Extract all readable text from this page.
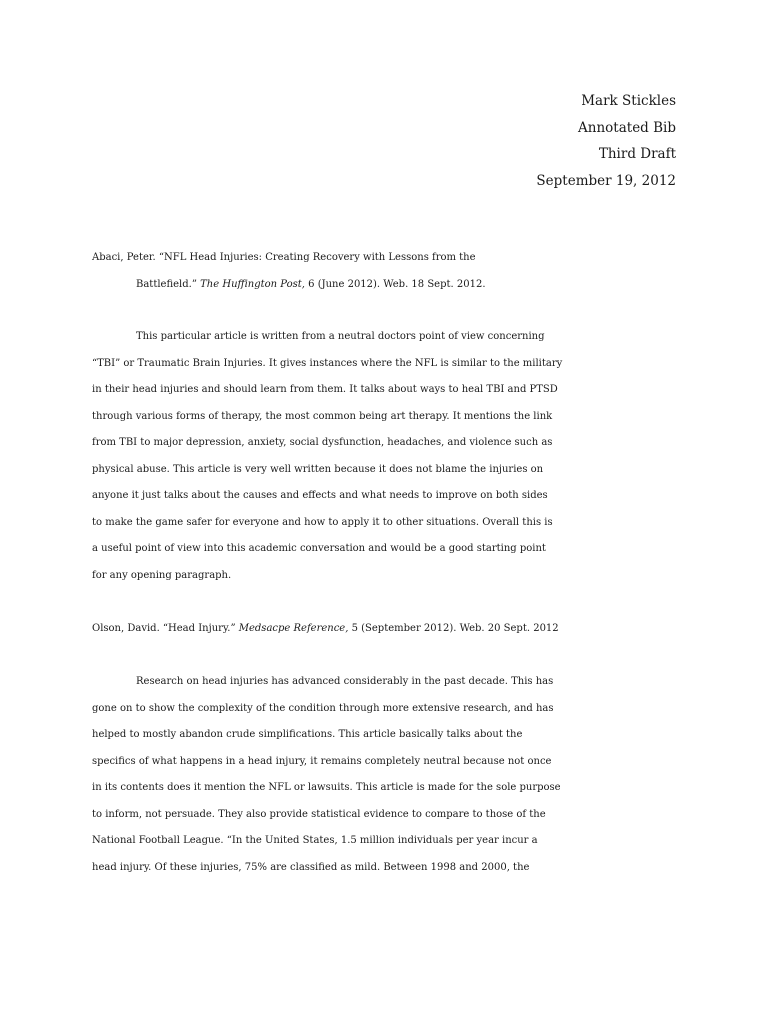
Mark Stickles
Annotated Bib
Third Draft
September 19, 2012
Abaci, Peter. “NFL Head Injuries: Creating Recovery with Lessons from the
Battlefield.” The Huffington Post, 6 (June 2012). Web. 18 Sept. 2012.
This particular article is written from a neutral doctors point of view concerning
“TBI” or Traumatic Brain Injuries. It gives instances where the NFL is similar to the military
in their head injuries and should learn from them. It talks about ways to heal TBI and PTSD
through various forms of therapy, the most common being art therapy. It mentions the link
from TBI to major depression, anxiety, social dysfunction, headaches, and violence such as
physical abuse. This article is very well written because it does not blame the injuries on
anyone it just talks about the causes and effects and what needs to improve on both sides
to make the game safer for everyone and how to apply it to other situations. Overall this is
a useful point of view into this academic conversation and would be a good starting point
for any opening paragraph.
Olson, David. “Head Injury.” Medsacpe Reference, 5 (September 2012). Web. 20 Sept. 2012
Research on head injuries has advanced considerably in the past decade. This has
gone on to show the complexity of the condition through more extensive research, and has
helped to mostly abandon crude simplifications. This article basically talks about the
specifics of what happens in a head injury, it remains completely neutral because not once
in its contents does it mention the NFL or lawsuits. This article is made for the sole purpose
to inform, not persuade. They also provide statistical evidence to compare to those of the
National Football League. “In the United States, 1.5 million individuals per year incur a
head injury. Of these injuries, 75% are classified as mild. Between 1998 and 2000, the
